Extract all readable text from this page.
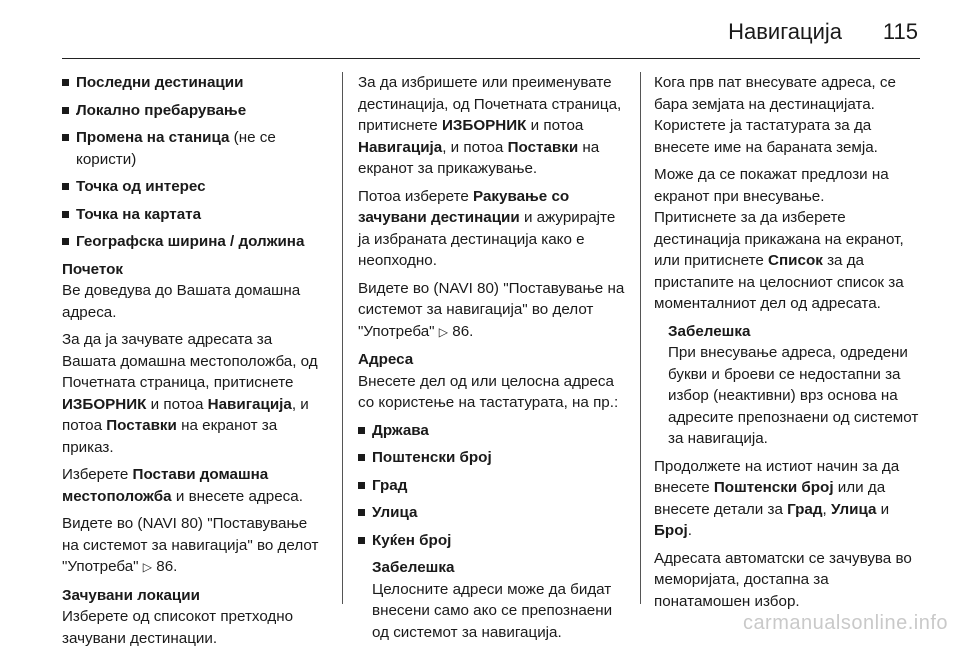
Навигација 115
Последни дестинации
Локално пребарување
Промена на станица (не се користи)
Точка од интерес
Точка на картата
Географска ширина / должина

Почеток
Ве доведува до Вашата домашна адреса.

За да ја зачувате адресата за Вашата домашна местоположба, од Почетната страница, притиснете ИЗБОРНИК и потоа Навигација, и потоа Поставки на екранот за приказ.

Изберете Постави домашна местоположба и внесете адреса.

Видете во (NAVI 80) "Поставување на системот за навигација" во делот "Употреба" ▷ 86.

Зачувани локации
Изберете од списокот претходно зачувани дестинации.

За да избришете или преименувате дестинација, од Почетната страница, притиснете ИЗБОРНИК и потоа Навигација, и потоа Поставки на екранот за прикажување.

Потоа изберете Ракување со зачувани дестинации и ажурирајте ја избраната дестинација како е неопходно.

Видете во (NAVI 80) "Поставување на системот за навигација" во делот "Употреба" ▷ 86.

Адреса
Внесете дел од или целосна адреса со користење на тастатурата, на пр.:

Држава
Поштенски број
Град
Улица
Куќен број
Забелешка
Целосните адреси може да бидат внесени само ако се препознаени од системот за навигација.

Кога прв пат внесувате адреса, се бара земјата на дестинацијата. Користете ја тастатурата за да внесете име на бараната земја.

Може да се покажат предлози на екранот при внесување.
Притиснете за да изберете дестинација прикажана на екранот, или притиснете Список за да пристапите на целосниот список за моменталниот дел од адресата.

Забелешка
При внесување адреса, одредени букви и броеви се недостапни за избор (неактивни) врз основа на адресите препознаени од системот за навигација.

Продолжете на истиот начин за да внесете Поштенски број или да внесете детали за Град, Улица и Број.

Адресата автоматски се зачувува во меморијата, достапна за понатамошен избор.

carmanualsonline.info
